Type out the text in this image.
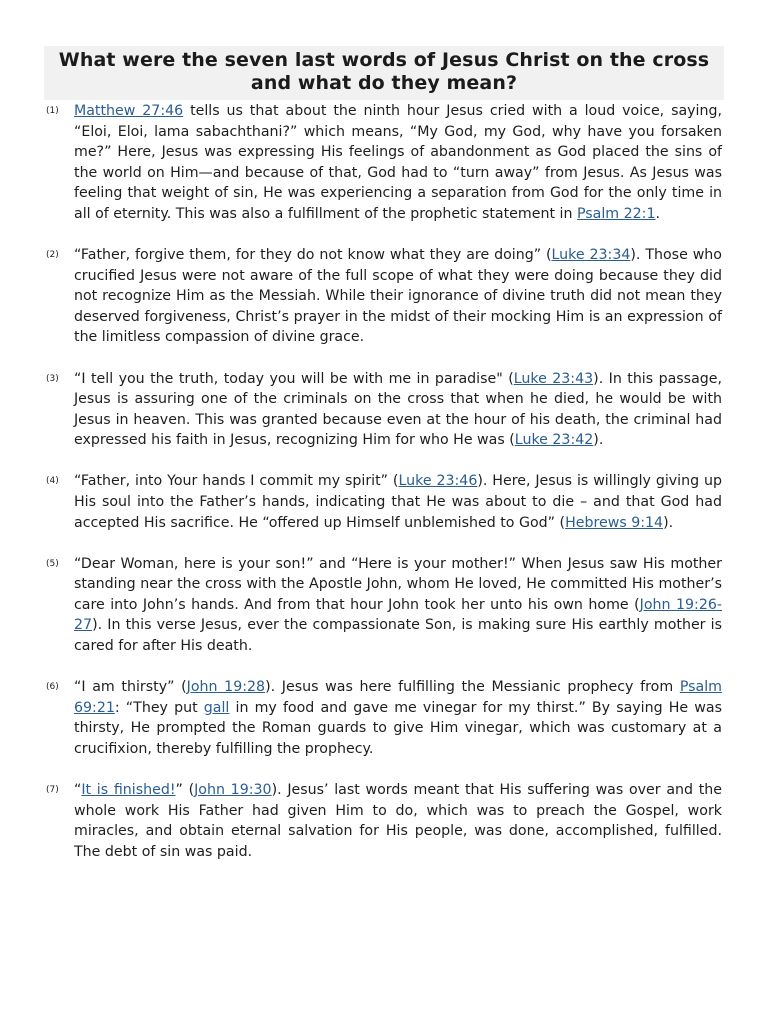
What were the seven last words of Jesus Christ on the cross and what do they mean?
(1) Matthew 27:46 tells us that about the ninth hour Jesus cried with a loud voice, saying, “Eloi, Eloi, lama sabachthani?” which means, “My God, my God, why have you forsaken me?” Here, Jesus was expressing His feelings of abandonment as God placed the sins of the world on Him—and because of that, God had to “turn away” from Jesus. As Jesus was feeling that weight of sin, He was experiencing a separation from God for the only time in all of eternity. This was also a fulfillment of the prophetic statement in Psalm 22:1.

(2) “Father, forgive them, for they do not know what they are doing” (Luke 23:34). Those who crucified Jesus were not aware of the full scope of what they were doing because they did not recognize Him as the Messiah. While their ignorance of divine truth did not mean they deserved forgiveness, Christ’s prayer in the midst of their mocking Him is an expression of the limitless compassion of divine grace.

(3) “I tell you the truth, today you will be with me in paradise" (Luke 23:43). In this passage, Jesus is assuring one of the criminals on the cross that when he died, he would be with Jesus in heaven. This was granted because even at the hour of his death, the criminal had expressed his faith in Jesus, recognizing Him for who He was (Luke 23:42).

(4) “Father, into Your hands I commit my spirit” (Luke 23:46). Here, Jesus is willingly giving up His soul into the Father’s hands, indicating that He was about to die – and that God had accepted His sacrifice. He “offered up Himself unblemished to God” (Hebrews 9:14).

(5) “Dear Woman, here is your son!” and “Here is your mother!” When Jesus saw His mother standing near the cross with the Apostle John, whom He loved, He committed His mother’s care into John’s hands. And from that hour John took her unto his own home (John 19:26-27). In this verse Jesus, ever the compassionate Son, is making sure His earthly mother is cared for after His death.

(6) “I am thirsty” (John 19:28). Jesus was here fulfilling the Messianic prophecy from Psalm 69:21: “They put gall in my food and gave me vinegar for my thirst.” By saying He was thirsty, He prompted the Roman guards to give Him vinegar, which was customary at a crucifixion, thereby fulfilling the prophecy.

(7) “It is finished!” (John 19:30). Jesus’ last words meant that His suffering was over and the whole work His Father had given Him to do, which was to preach the Gospel, work miracles, and obtain eternal salvation for His people, was done, accomplished, fulfilled. The debt of sin was paid.
